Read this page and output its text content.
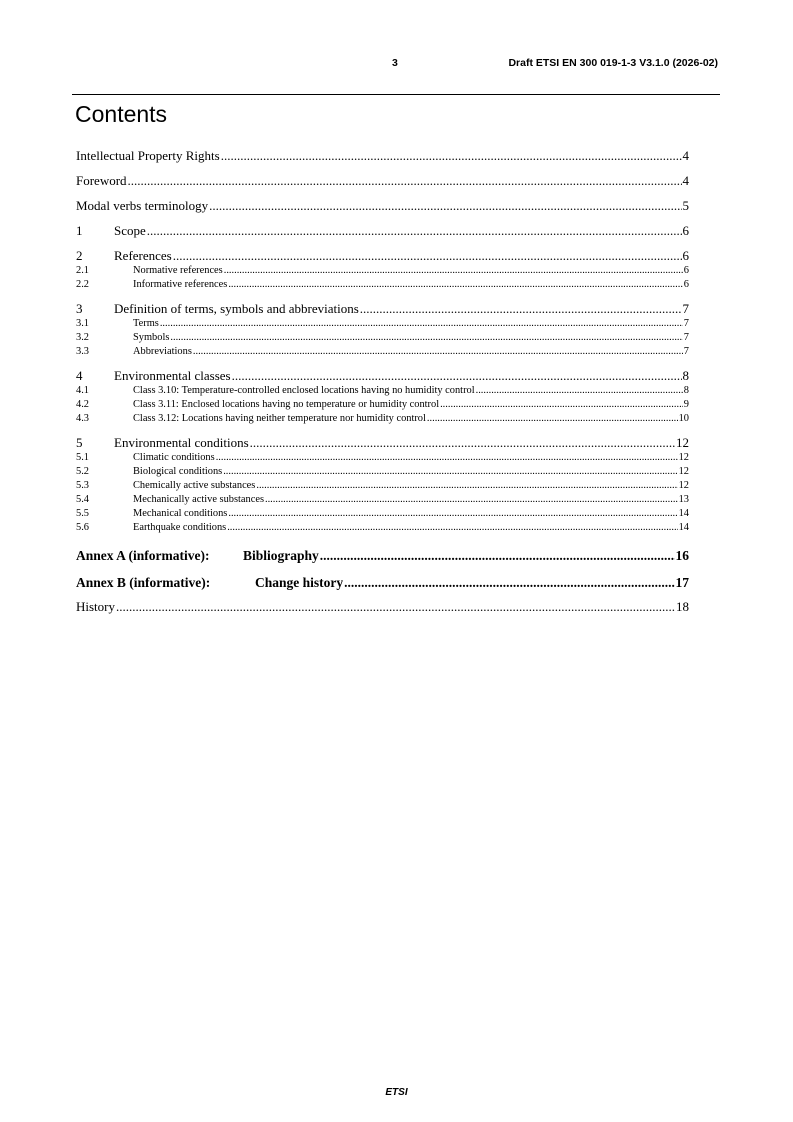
3	Draft ETSI EN 300 019-1-3 V3.1.0 (2026-02)
Contents
Intellectual Property Rights .....	4
Foreword .....	4
Modal verbs terminology .....	5
1	Scope .....	6
2	References .....	6
2.1	Normative references .....	6
2.2	Informative references .....	6
3	Definition of terms, symbols and abbreviations .....	7
3.1	Terms .....	7
3.2	Symbols .....	7
3.3	Abbreviations .....	7
4	Environmental classes .....	8
4.1	Class 3.10: Temperature-controlled enclosed locations having no humidity control .....	8
4.2	Class 3.11: Enclosed locations having no temperature or humidity control .....	9
4.3	Class 3.12: Locations having neither temperature nor humidity control .....	10
5	Environmental conditions .....	12
5.1	Climatic conditions .....	12
5.2	Biological conditions .....	12
5.3	Chemically active substances .....	12
5.4	Mechanically active substances .....	13
5.5	Mechanical conditions .....	14
5.6	Earthquake conditions .....	14
Annex A (informative):	Bibliography .....	16
Annex B (informative):	Change history .....	17
History .....	18
ETSI
